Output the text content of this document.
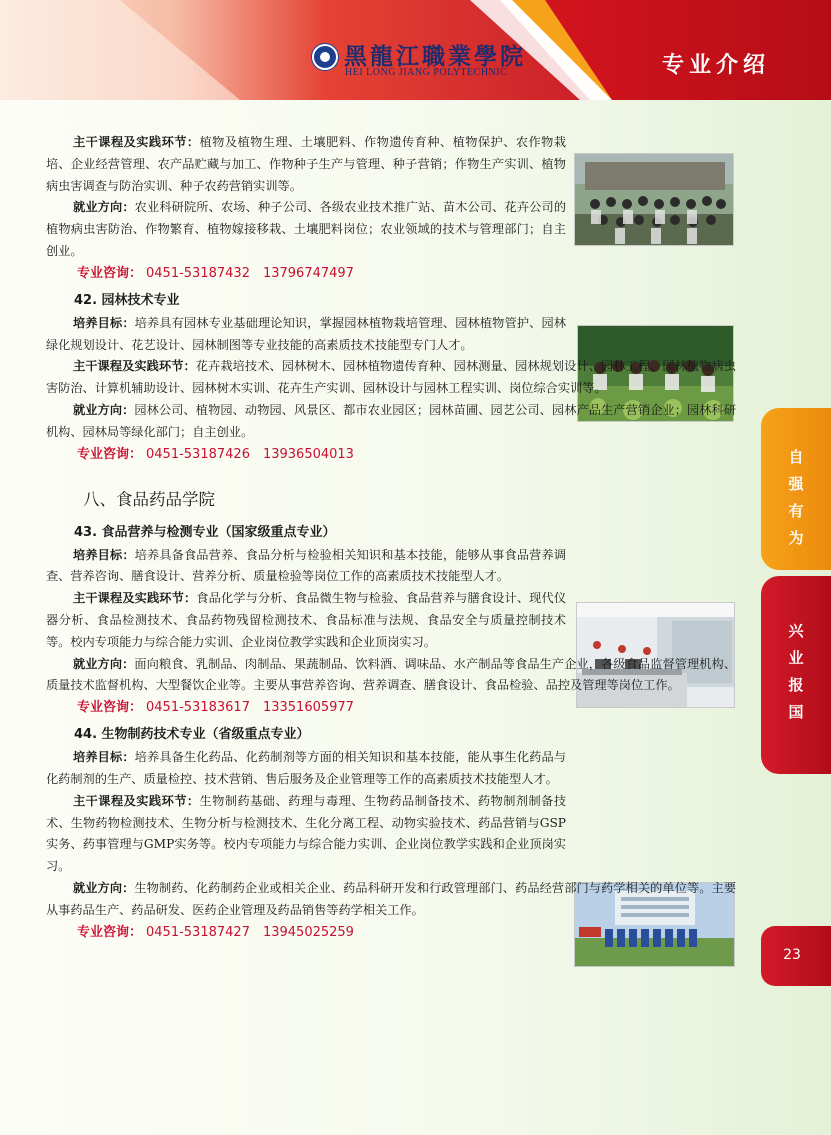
黑龍江職業學院
HEI LONG JIANG POLYTECHNIC	专业介绍
自
强
有
为
兴
业
报
国
23

主干课程及实践环节：植物及植物生理、土壤肥料、作物遗传育种、植物保护、农作物栽培、企业经营管理、农产品贮藏与加工、作物种子生产与管理、种子营销；作物生产实训、植物病虫害调查与防治实训、种子农药营销实训等。

就业方向：农业科研院所、农场、种子公司、各级农业技术推广站、苗木公司、花卉公司的植物病虫害防治、作物繁育、植物嫁接移栽、土壤肥料岗位；农业领域的技术与管理部门；自主创业。

专业咨询： 0451-53187432　13796747497
42. 园林技术专业

培养目标：培养具有园林专业基础理论知识，掌握园林植物栽培管理、园林植物管护、园林绿化规划设计、花艺设计、园林制图等专业技能的高素质技术技能型专门人才。

主干课程及实践环节：花卉栽培技术、园林树木、园林植物遗传育种、园林测量、园林规划设计、园林工程、园林植物病虫害防治、计算机辅助设计、园林树木实训、花卉生产实训、园林设计与园林工程实训、岗位综合实训等。

就业方向：园林公司、植物园、动物园、风景区、都市农业园区；园林苗圃、园艺公司、园林产品生产营销企业；园林科研机构、园林局等绿化部门；自主创业。

专业咨询： 0451-53187426　13936504013
八、食品药品学院
43. 食品营养与检测专业（国家级重点专业）

培养目标：培养具备食品营养、食品分析与检验相关知识和基本技能，能够从事食品营养调查、营养咨询、膳食设计、营养分析、质量检验等岗位工作的高素质技术技能型人才。

主干课程及实践环节：食品化学与分析、食品微生物与检验、食品营养与膳食设计、现代仪器分析、食品检测技术、食品药物残留检测技术、食品标准与法规、食品安全与质量控制技术等。校内专项能力与综合能力实训、企业岗位教学实践和企业顶岗实习。

就业方向：面向粮食、乳制品、肉制品、果蔬制品、饮料酒、调味品、水产制品等食品生产企业，各级食品监督管理机构、质量技术监督机构、大型餐饮企业等。主要从事营养咨询、营养调查、膳食设计、食品检验、品控及管理等岗位工作。

专业咨询： 0451-53183617　13351605977
44. 生物制药技术专业（省级重点专业）

培养目标：培养具备生化药品、化药制剂等方面的相关知识和基本技能，能从事生化药品与化药制剂的生产、质量检控、技术营销、售后服务及企业管理等工作的高素质技术技能型人才。

主干课程及实践环节：生物制药基础、药理与毒理、生物药品制备技术、药物制剂制备技术、生物药物检测技术、生物分析与检测技术、生化分离工程、动物实验技术、药品营销与GSP实务、药事管理与GMP实务等。校内专项能力与综合能力实训、企业岗位教学实践和企业顶岗实习。

就业方向：生物制药、化药制药企业或相关企业、药品科研开发和行政管理部门、药品经营部门与药学相关的单位等。主要从事药品生产、药品研发、医药企业管理及药品销售等药学相关工作。

专业咨询： 0451-53187427　13945025259
